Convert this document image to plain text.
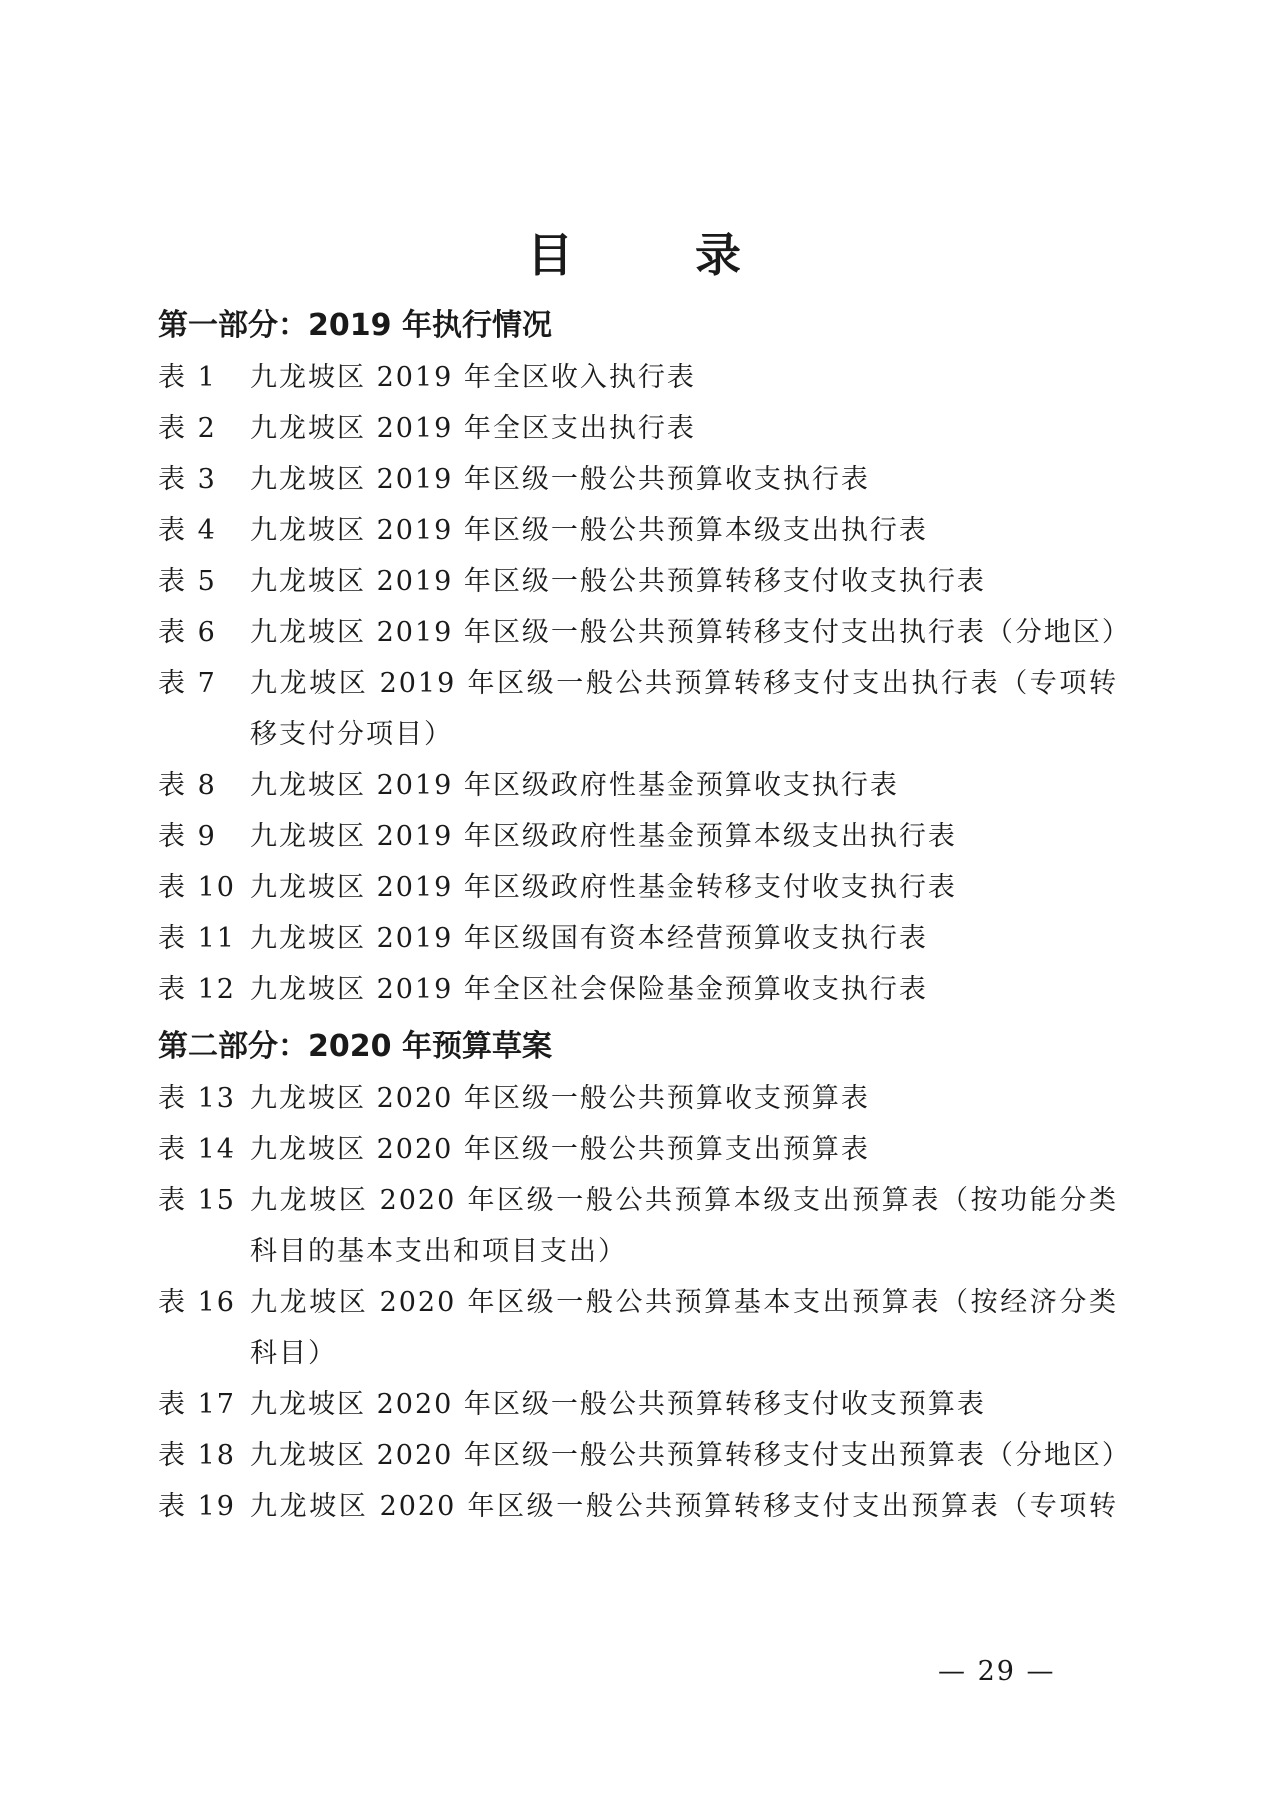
目　录
第一部分：2019 年执行情况
表 1	九龙坡区 2019 年全区收入执行表
表 2	九龙坡区 2019 年全区支出执行表
表 3	九龙坡区 2019 年区级一般公共预算收支执行表
表 4	九龙坡区 2019 年区级一般公共预算本级支出执行表
表 5	九龙坡区 2019 年区级一般公共预算转移支付收支执行表
表 6	九龙坡区 2019 年区级一般公共预算转移支付支出执行表（分地区）
表 7	九龙坡区 2019 年区级一般公共预算转移支付支出执行表（专项转
移支付分项目）
表 8	九龙坡区 2019 年区级政府性基金预算收支执行表
表 9	九龙坡区 2019 年区级政府性基金预算本级支出执行表
表 10 九龙坡区 2019 年区级政府性基金转移支付收支执行表
表 11 九龙坡区 2019 年区级国有资本经营预算收支执行表
表 12 九龙坡区 2019 年全区社会保险基金预算收支执行表
第二部分：2020 年预算草案
表 13 九龙坡区 2020 年区级一般公共预算收支预算表
表 14 九龙坡区 2020 年区级一般公共预算支出预算表
表 15 九龙坡区 2020 年区级一般公共预算本级支出预算表（按功能分类
科目的基本支出和项目支出）
表 16 九龙坡区 2020 年区级一般公共预算基本支出预算表（按经济分类
科目）
表 17 九龙坡区 2020 年区级一般公共预算转移支付收支预算表
表 18 九龙坡区 2020 年区级一般公共预算转移支付支出预算表（分地区）
表 19 九龙坡区 2020 年区级一般公共预算转移支付支出预算表（专项转
— 29 —
